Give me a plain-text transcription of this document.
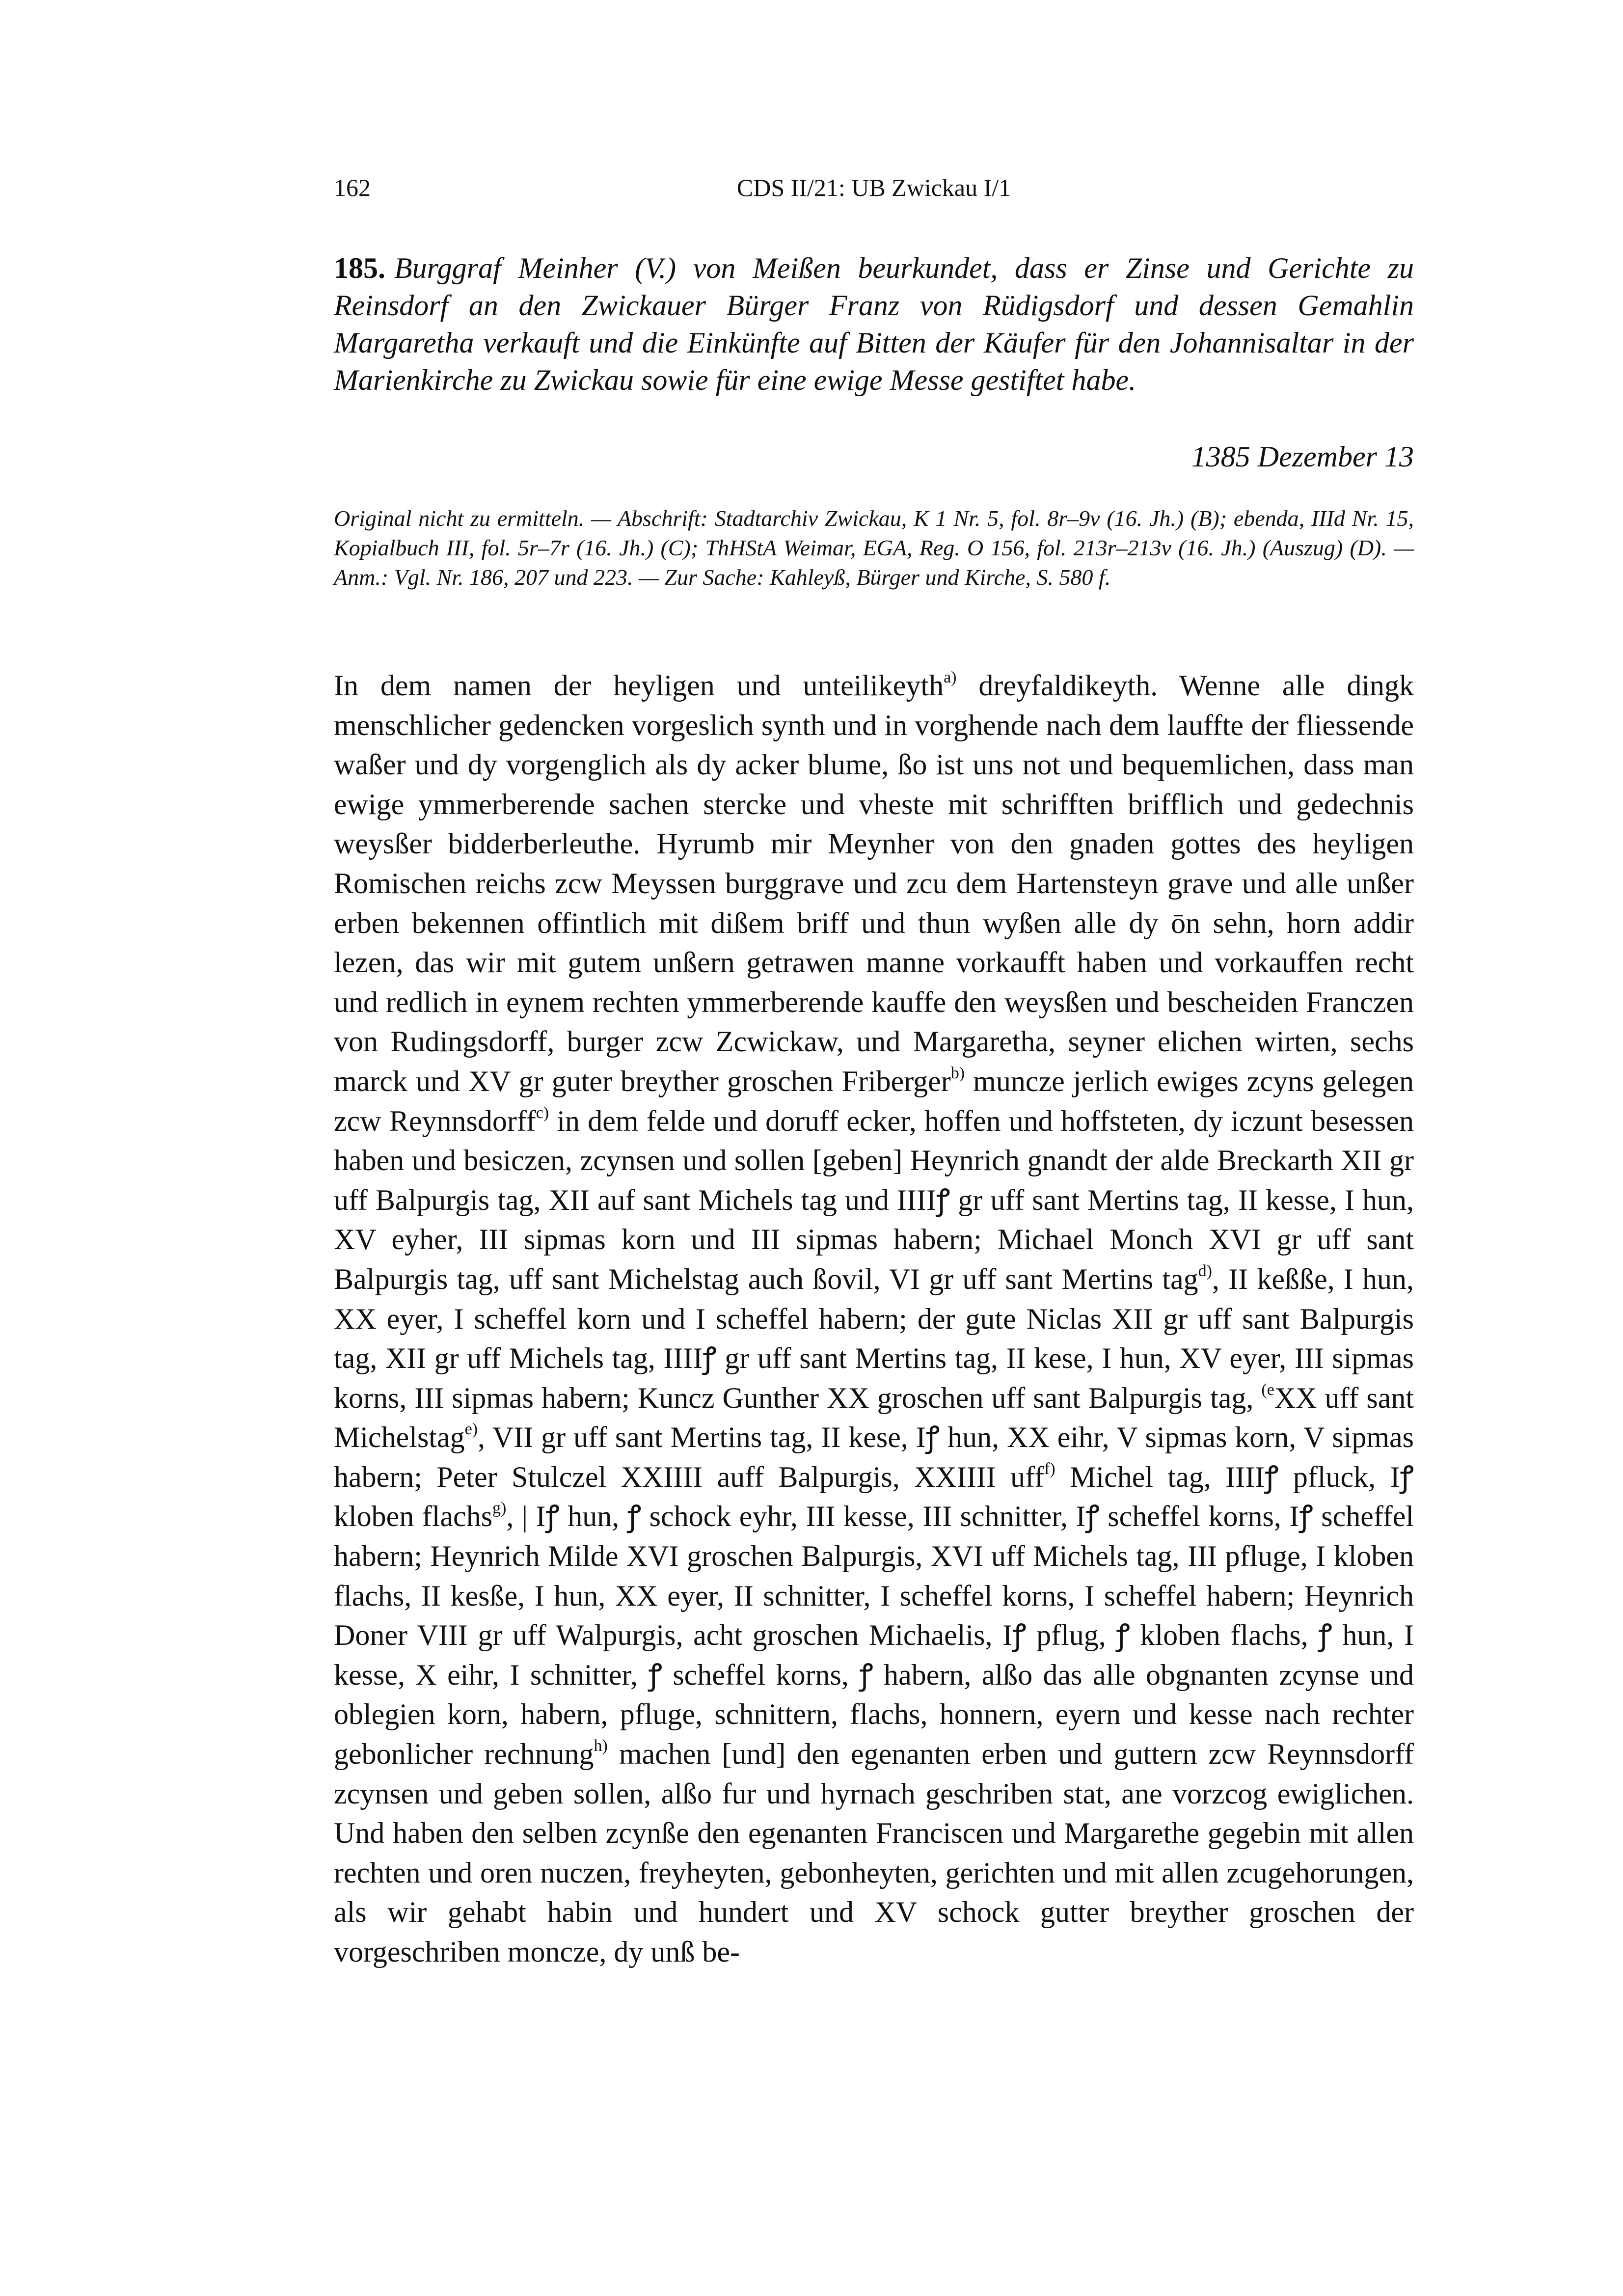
162	CDS II/21: UB Zwickau I/1
185. Burggraf Meinher (V.) von Meißen beurkundet, dass er Zinse und Gerichte zu Reinsdorf an den Zwickauer Bürger Franz von Rüdigsdorf und dessen Gemahlin Margaretha verkauft und die Einkünfte auf Bitten der Käufer für den Johannisaltar in der Marienkirche zu Zwickau sowie für eine ewige Messe gestiftet habe.
1385 Dezember 13
Original nicht zu ermitteln. — Abschrift: Stadtarchiv Zwickau, K 1 Nr. 5, fol. 8r–9v (16. Jh.) (B); ebenda, IIId Nr. 15, Kopialbuch III, fol. 5r–7r (16. Jh.) (C); ThHStA Weimar, EGA, Reg. O 156, fol. 213r–213v (16. Jh.) (Auszug) (D). — Anm.: Vgl. Nr. 186, 207 und 223. — Zur Sache: Kahleyß, Bürger und Kirche, S. 580 f.
In dem namen der heyligen und unteilikeyth$^{a)}$ dreyfaldikeyth. Wenne alle dingk menschlicher gedencken vorgeslich synth und in vorghende nach dem lauffte der fliessende waßer und dy vorgenglich als dy acker blume, ßo ist uns not und bequemlichen, dass man ewige ymmerberende sachen stercke und vheste mit schrifften brifflich und gedechnis weysßer bidderberleuthe. Hyrumb mir Meynher von den gnaden gottes des heyligen Romischen reichs zcw Meyssen burggrave und zcu dem Hartensteyn grave und alle unßer erben bekennen offintlich mit dißem briff und thun wyßen alle dy ōn sehn, horn addir lezen, das wir mit gutem unßern getrawen manne vorkaufft haben und vorkauffen recht und redlich in eynem rechten ymmerberende kauffe den weysßen und bescheiden Franczen von Rudingsdorff, burger zcw Zcwickaw, und Margaretha, seyner elichen wirten, sechs marck und XV gr guter breyther groschen Friberger$^{b)}$ muncze jerlich ewiges zcyns gelegen zcw Reynnsdorff$^{c)}$ in dem felde und doruff ecker, hoffen und hoffsteten, dy iczunt besessen haben und besiczen, zcynsen und sollen [geben] Heynrich gnandt der alde Breckarth XII gr uff Balpurgis tag, XII auf sant Michels tag und IIIIꝭ gr uff sant Mertins tag, II kesse, I hun, XV eyher, III sipmas korn und III sipmas habern; Michael Monch XVI gr uff sant Balpurgis tag, uff sant Michelstag auch ßovil, VI gr uff sant Mertins tag$^{d)}$, II keßße, I hun, XX eyer, I scheffel korn und I scheffel habern; der gute Niclas XII gr uff sant Balpurgis tag, XII gr uff Michels tag, IIIIꝭ gr uff sant Mertins tag, II kese, I hun, XV eyer, III sipmas korns, III sipmas habern; Kuncz Gunther XX groschen uff sant Balpurgis tag, $^{(e}$XX uff sant Michelstag$^{e)}$, VII gr uff sant Mertins tag, II kese, Iꝭ hun, XX eihr, V sipmas korn, V sipmas habern; Peter Stulczel XXIIII auff Balpurgis, XXIIII uff$^{f)}$ Michel tag, IIIIꝭ pfluck, Iꝭ kloben flachs$^{g)}$, | Iꝭ hun, ꝭ schock eyhr, III kesse, III schnitter, Iꝭ scheffel korns, Iꝭ scheffel habern; Heynrich Milde XVI groschen Balpurgis, XVI uff Michels tag, III pfluge, I kloben flachs, II kesße, I hun, XX eyer, II schnitter, I scheffel korns, I scheffel habern; Heynrich Doner VIII gr uff Walpurgis, acht groschen Michaelis, Iꝭ pflug, ꝭ kloben flachs, ꝭ hun, I kesse, X eihr, I schnitter, ꝭ scheffel korns, ꝭ habern, alßo das alle obgnanten zcynse und oblegien korn, habern, pfluge, schnittern, flachs, honnern, eyern und kesse nach rechter gebonlicher rechnung$^{h)}$ machen [und] den egenanten erben und guttern zcw Reynnsdorff zcynsen und geben sollen, alßo fur und hyrnach geschriben stat, ane vorzcog ewiglichen. Und haben den selben zcynße den egenanten Franciscen und Margarethe gegebin mit allen rechten und oren nuczen, freyheyten, gebonheyten, gerichten und mit allen zcugehorungen, als wir gehabt habin und hundert und XV schock gutter breyther groschen der vorgeschriben moncze, dy unß be-
